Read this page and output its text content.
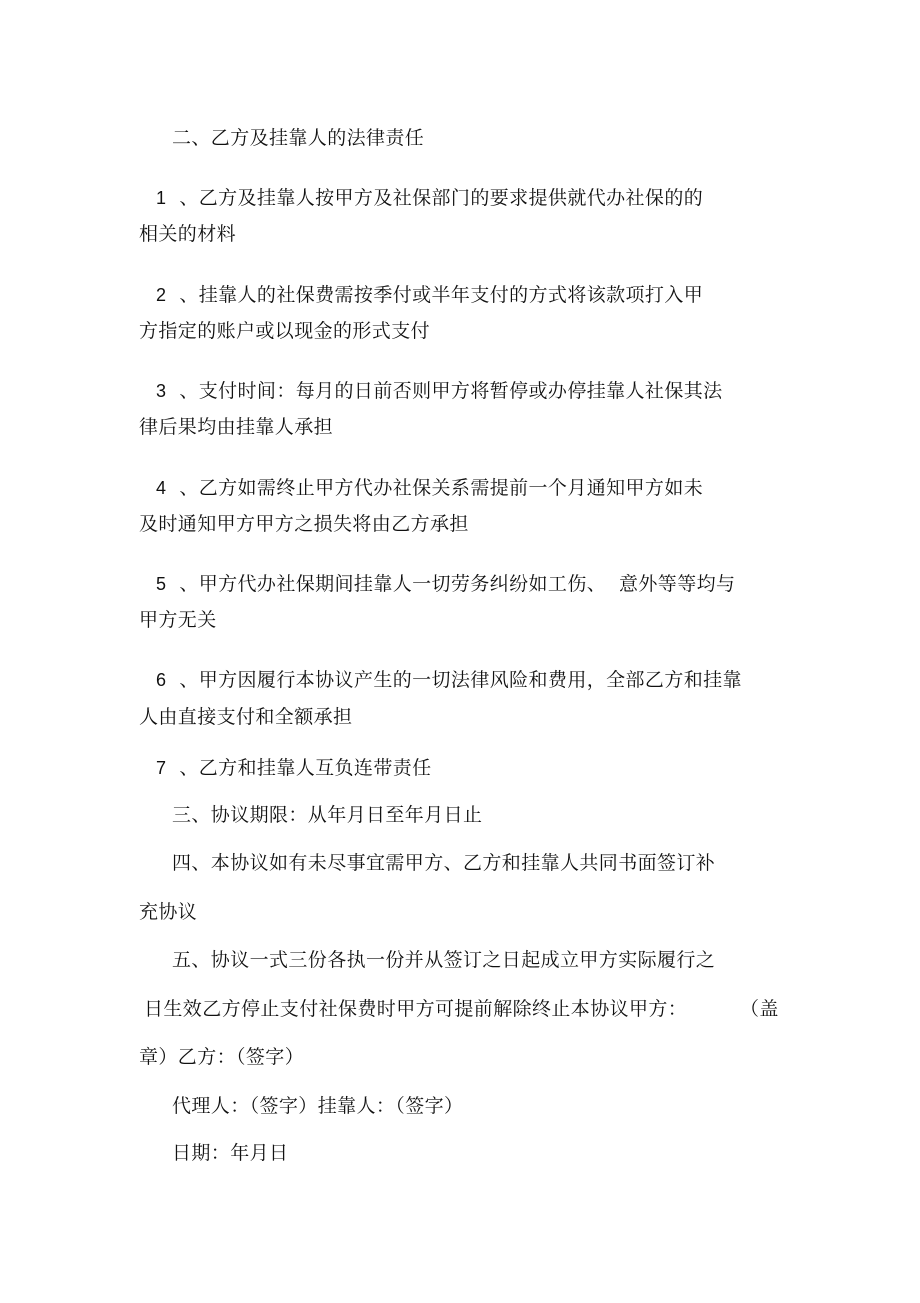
二、乙方及挂靠人的法律责任
1 、乙方及挂靠人按甲方及社保部门的要求提供就代办社保的的
相关的材料
2 、挂靠人的社保费需按季付或半年支付的方式将该款项打入甲
方指定的账户或以现金的形式支付
3 、支付时间：每月的日前否则甲方将暂停或办停挂靠人社保其法
律后果均由挂靠人承担
4 、乙方如需终止甲方代办社保关系需提前一个月通知甲方如未
及时通知甲方甲方之损失将由乙方承担
5 、甲方代办社保期间挂靠人一切劳务纠纷如工伤、  意外等等均与
甲方无关
6 、甲方因履行本协议产生的一切法律风险和费用，全部乙方和挂靠
人由直接支付和全额承担
7 、乙方和挂靠人互负连带责任
三、协议期限：从年月日至年月日止
四、本协议如有未尽事宜需甲方、乙方和挂靠人共同书面签订补
充协议
五、协议一式三份各执一份并从签订之日起成立甲方实际履行之
日生效乙方停止支付社保费时甲方可提前解除终止本协议甲方：	（盖
章）乙方：（签字）
代理人：（签字）挂靠人：（签字）
日期：年月日
